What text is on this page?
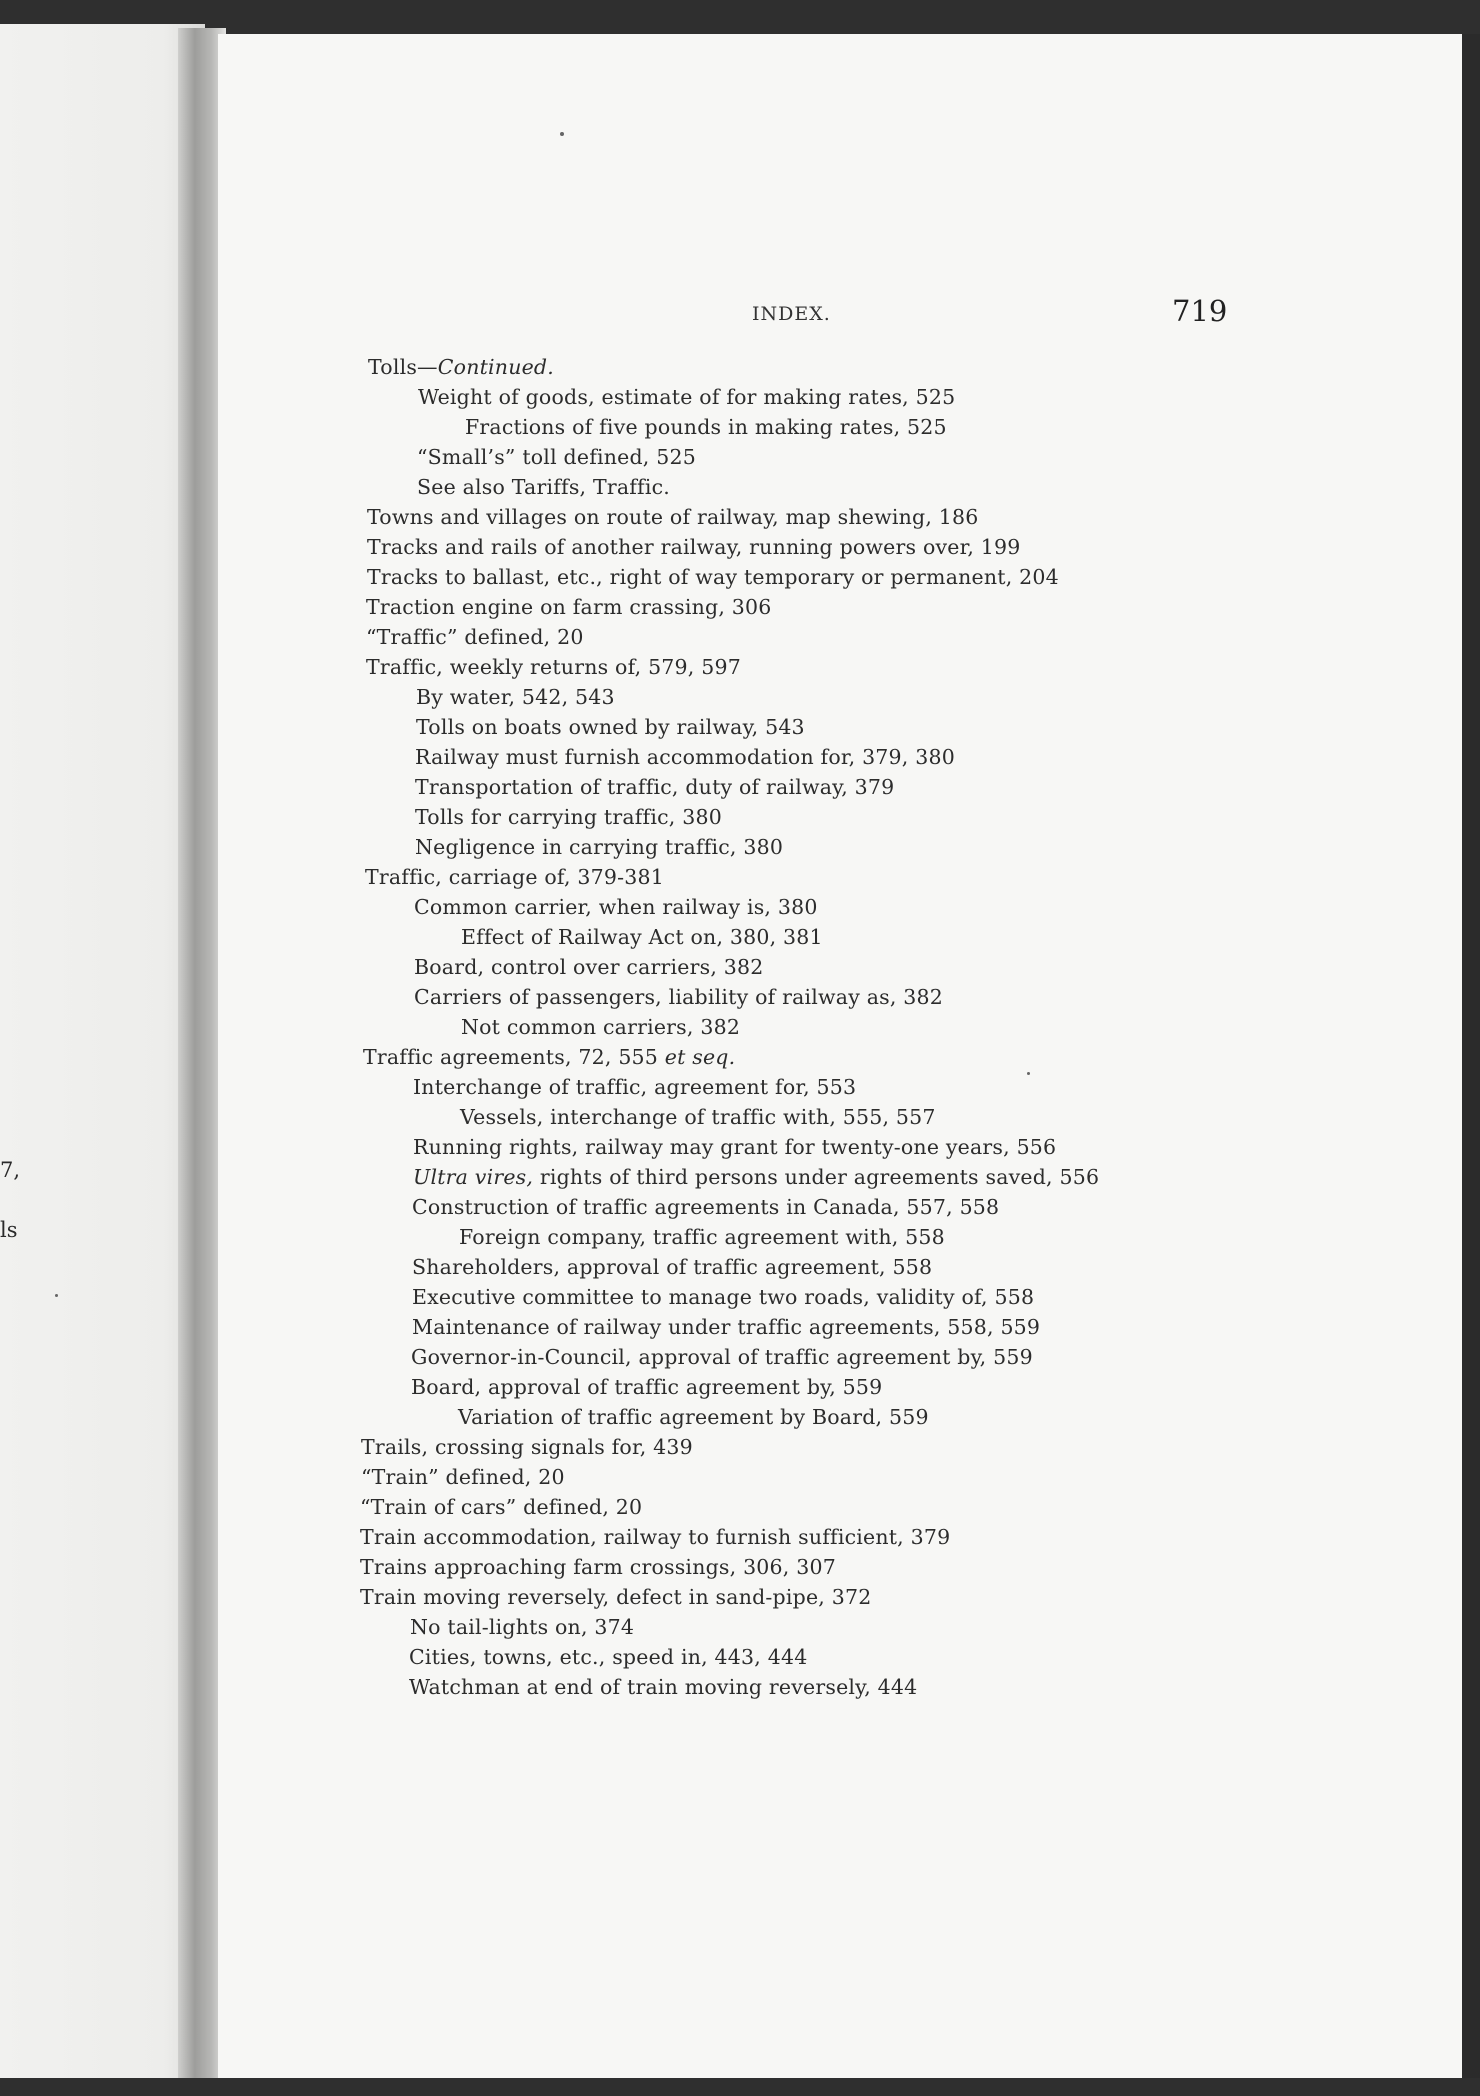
7,
ls
INDEX.	719
Tolls—Continued.
Weight of goods, estimate of for making rates, 525
Fractions of five pounds in making rates, 525
“Small’s” toll defined, 525
See also Tariffs, Traffic.
Towns and villages on route of railway, map shewing, 186
Tracks and rails of another railway, running powers over, 199
Tracks to ballast, etc., right of way temporary or permanent, 204
Traction engine on farm crassing, 306
“Traffic” defined, 20
Traffic, weekly returns of, 579, 597
By water, 542, 543
Tolls on boats owned by railway, 543
Railway must furnish accommodation for, 379, 380
Transportation of traffic, duty of railway, 379
Tolls for carrying traffic, 380
Negligence in carrying traffic, 380
Traffic, carriage of, 379-381
Common carrier, when railway is, 380
Effect of Railway Act on, 380, 381
Board, control over carriers, 382
Carriers of passengers, liability of railway as, 382
Not common carriers, 382
Traffic agreements, 72, 555 et seq.
Interchange of traffic, agreement for, 553
Vessels, interchange of traffic with, 555, 557
Running rights, railway may grant for twenty-one years, 556
Ultra vires, rights of third persons under agreements saved, 556
Construction of traffic agreements in Canada, 557, 558
Foreign company, traffic agreement with, 558
Shareholders, approval of traffic agreement, 558
Executive committee to manage two roads, validity of, 558
Maintenance of railway under traffic agreements, 558, 559
Governor-in-Council, approval of traffic agreement by, 559
Board, approval of traffic agreement by, 559
Variation of traffic agreement by Board, 559
Trails, crossing signals for, 439
“Train” defined, 20
“Train of cars” defined, 20
Train accommodation, railway to furnish sufficient, 379
Trains approaching farm crossings, 306, 307
Train moving reversely, defect in sand-pipe, 372
No tail-lights on, 374
Cities, towns, etc., speed in, 443, 444
Watchman at end of train moving reversely, 444
